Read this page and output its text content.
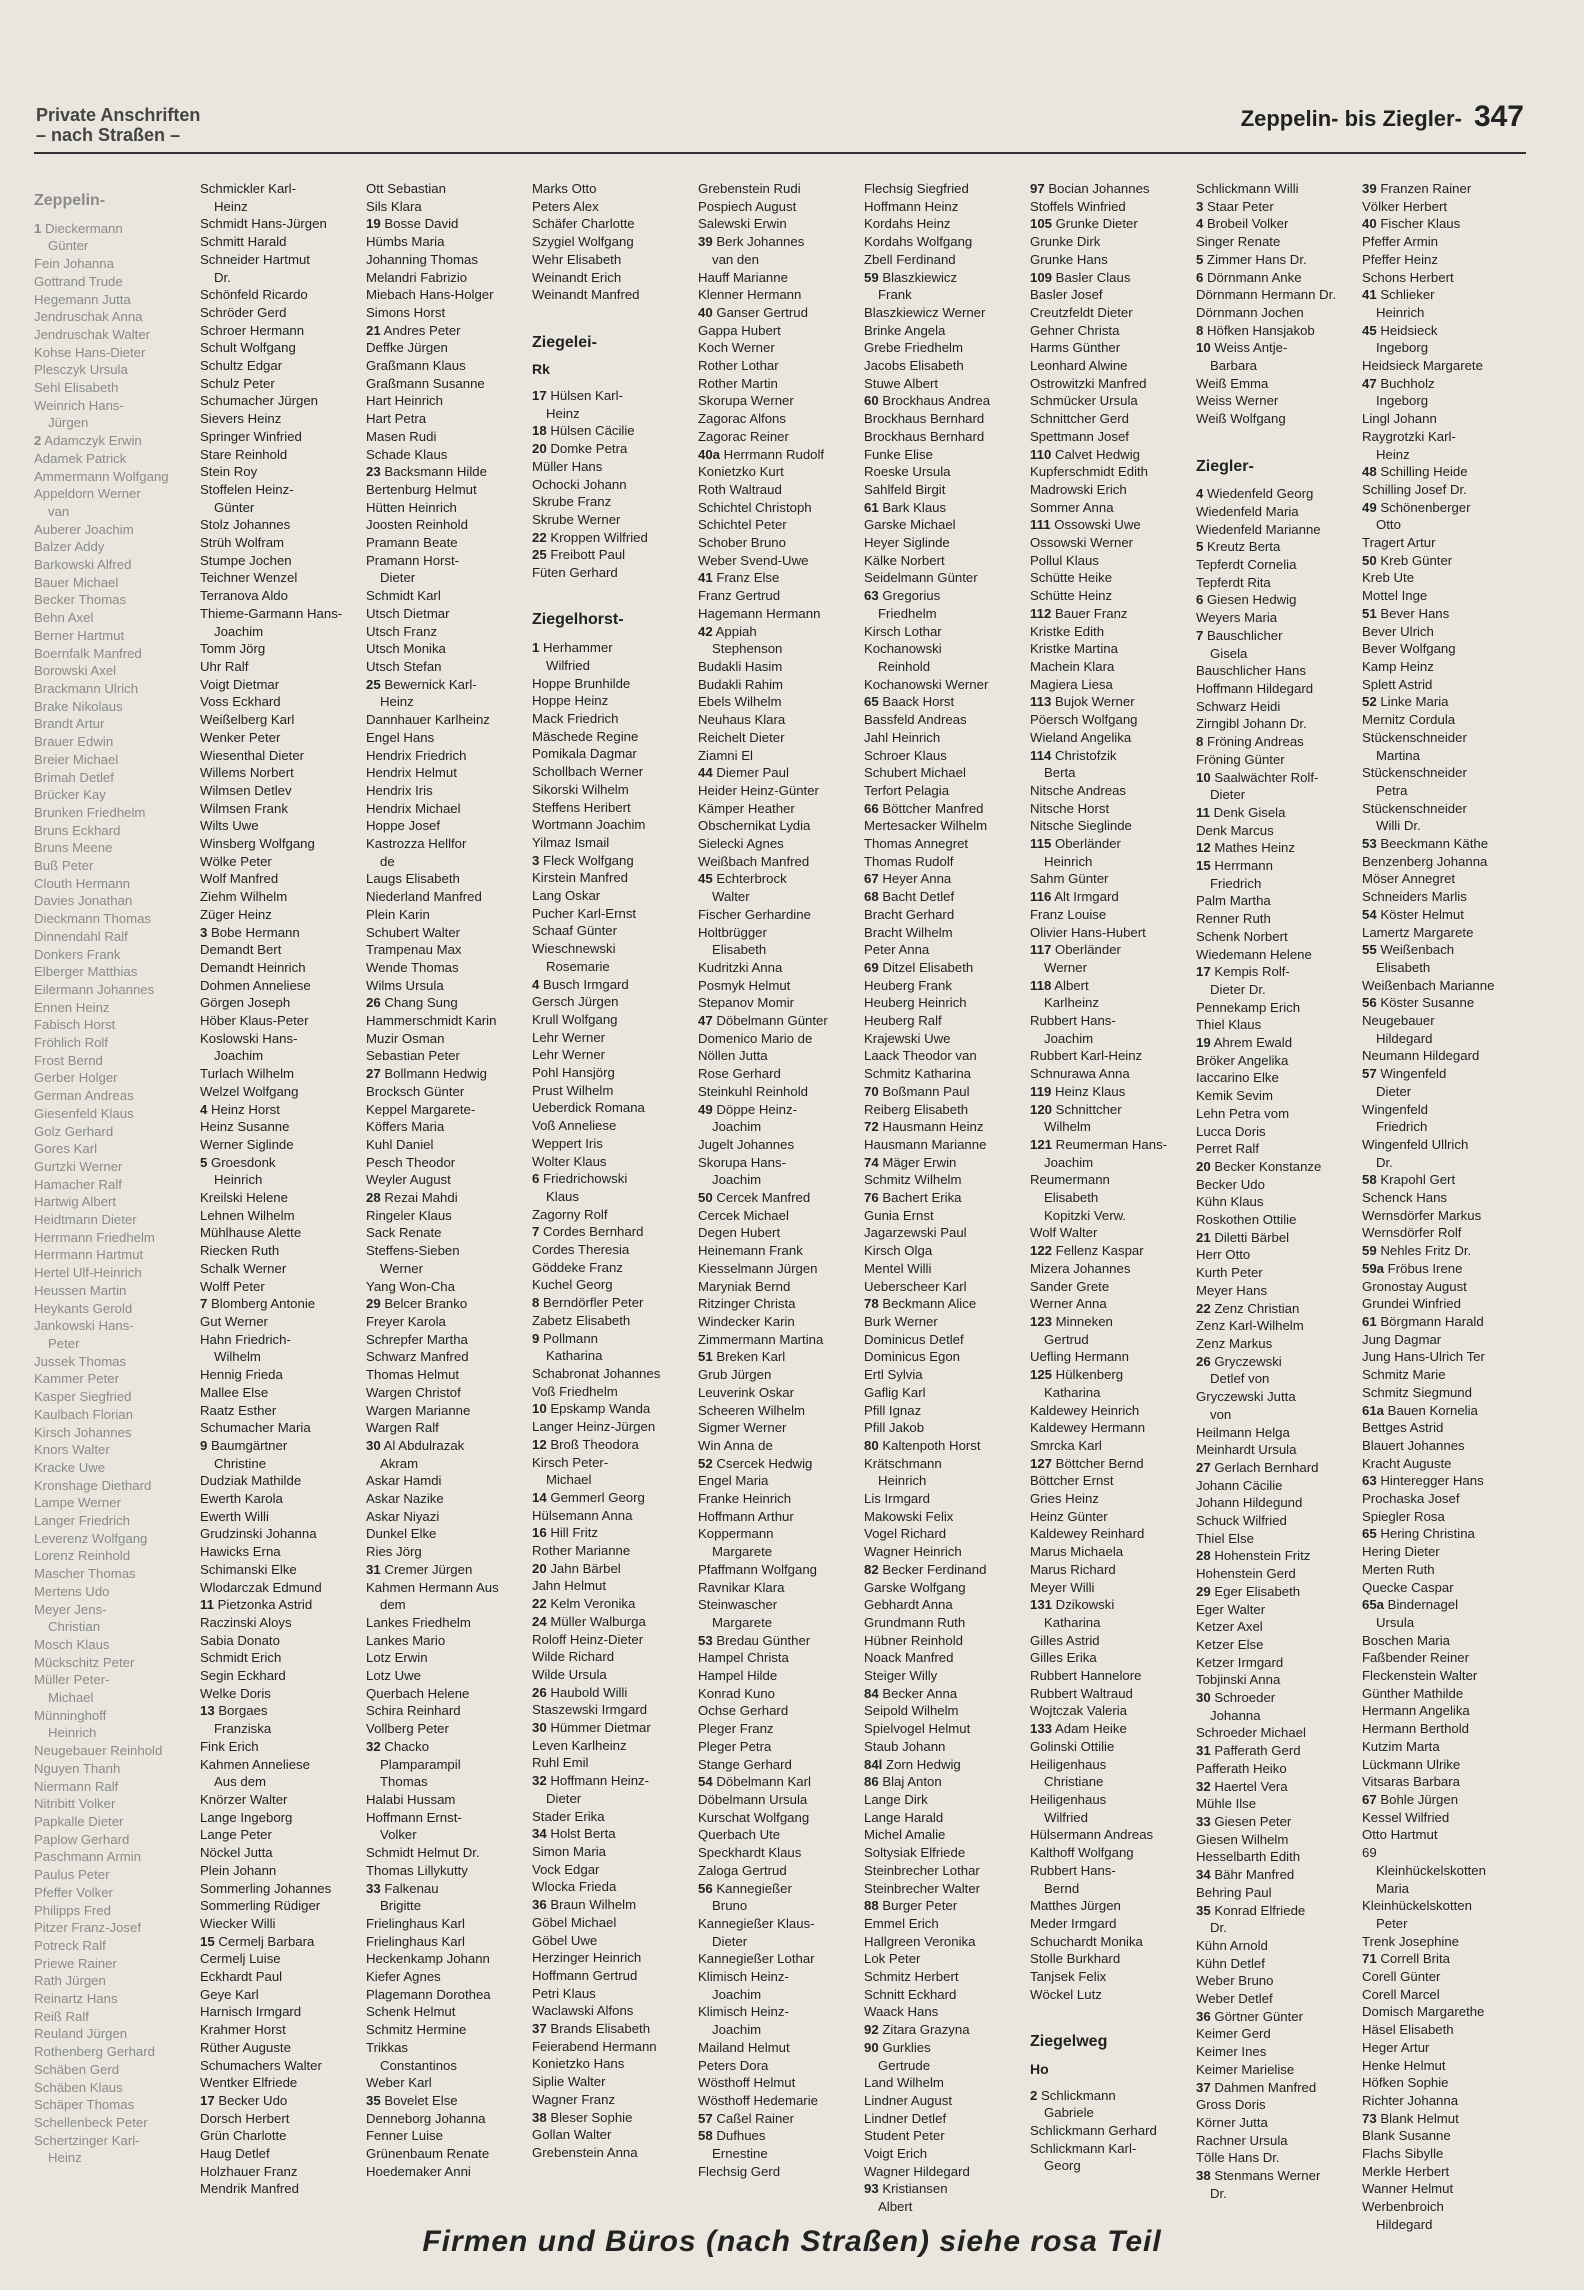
Private Anschriften
– nach Straßen –
Zeppelin- bis Ziegler- 347
Zeppelin-
1 Dieckermann
Günter
Fein Johanna
Gottrand Trude
Hegemann Jutta
Jendruschak Anna
Jendruschak Walter
Kohse Hans-Dieter
Plesczyk Ursula
Sehl Elisabeth
Weinrich Hans-
Jürgen
2 Adamczyk Erwin
Adamek Patrick
Ammermann Wolfgang
Appeldorn Werner
van
Auberer Joachim
Balzer Addy
Barkowski Alfred
Bauer Michael
Becker Thomas
Behn Axel
Berner Hartmut
Boernfalk Manfred
Borowski Axel
Brackmann Ulrich
Brake Nikolaus
Brandt Artur
Brauer Edwin
Breier Michael
Brimah Detlef
Brücker Kay
Brunken Friedhelm
Bruns Eckhard
Bruns Meene
Buß Peter
Clouth Hermann
Davies Jonathan
Dieckmann Thomas
Dinnendahl Ralf
Donkers Frank
Elberger Matthias
Eilermann Johannes
Ennen Heinz
Fabisch Horst
Fröhlich Rolf
Frost Bernd
Gerber Holger
German Andreas
Giesenfeld Klaus
Golz Gerhard
Gores Karl
Gurtzki Werner
Hamacher Ralf
Hartwig Albert
Heidtmann Dieter
Herrmann Friedhelm
Herrmann Hartmut
Hertel Ulf-Heinrich
Heussen Martin
Heykants Gerold
Jankowski Hans-
Peter
Jussek Thomas
Kammer Peter
Kasper Siegfried
Kaulbach Florian
Kirsch Johannes
Knors Walter
Kracke Uwe
Kronshage Diethard
Lampe Werner
Langer Friedrich
Leverenz Wolfgang
Lorenz Reinhold
Mascher Thomas
Mertens Udo
Meyer Jens-
Christian
Mosch Klaus
Mückschitz Peter
Müller Peter-
Michael
Münninghoff
Heinrich
Neugebauer Reinhold
Nguyen Thanh
Niermann Ralf
Nitribitt Volker
Papkalle Dieter
Paplow Gerhard
Paschmann Armin
Paulus Peter
Pfeffer Volker
Philipps Fred
Pitzer Franz-Josef
Potreck Ralf
Priewe Rainer
Rath Jürgen
Reinartz Hans
Reiß Ralf
Reuland Jürgen
Rothenberg Gerhard
Schäben Gerd
Schäben Klaus
Schäper Thomas
Schellenbeck Peter
Schertzinger Karl-
Heinz
Schmickler Karl-
Heinz
Schmidt Hans-Jürgen
Schmitt Harald
Schneider Hartmut
Dr.
Schönfeld Ricardo
Schröder Gerd
Schroer Hermann
Schult Wolfgang
Schultz Edgar
Schulz Peter
Schumacher Jürgen
Sievers Heinz
Springer Winfried
Stare Reinhold
Stein Roy
Stoffelen Heinz-
Günter
Stolz Johannes
Strüh Wolfram
Stumpe Jochen
Teichner Wenzel
Terranova Aldo
Thieme-Garmann Hans-
Joachim
Tomm Jörg
Uhr Ralf
Voigt Dietmar
Voss Eckhard
Weißelberg Karl
Wenker Peter
Wiesenthal Dieter
Willems Norbert
Wilmsen Detlev
Wilmsen Frank
Wilts Uwe
Winsberg Wolfgang
Wölke Peter
Wolf Manfred
Ziehm Wilhelm
Züger Heinz
3 Bobe Hermann
Demandt Bert
Demandt Heinrich
Dohmen Anneliese
Görgen Joseph
Höber Klaus-Peter
Koslowski Hans-
Joachim
Turlach Wilhelm
Welzel Wolfgang
4 Heinz Horst
Heinz Susanne
Werner Siglinde
5 Groesdonk
Heinrich
Kreilski Helene
Lehnen Wilhelm
Mühlhause Alette
Riecken Ruth
Schalk Werner
Wolff Peter
7 Blomberg Antonie
Gut Werner
Hahn Friedrich-
Wilhelm
Hennig Frieda
Mallee Else
Raatz Esther
Schumacher Maria
9 Baumgärtner
Christine
Dudziak Mathilde
Ewerth Karola
Ewerth Willi
Grudzinski Johanna
Hawicks Erna
Schimanski Elke
Wlodarczak Edmund
11 Pietzonka Astrid
Raczinski Aloys
Sabia Donato
Schmidt Erich
Segin Eckhard
Welke Doris
13 Borgaes
Franziska
Fink Erich
Kahmen Anneliese
Aus dem
Knörzer Walter
Lange Ingeborg
Lange Peter
Nöckel Jutta
Plein Johann
Sommerling Johannes
Sommerling Rüdiger
Wiecker Willi
15 Cermelj Barbara
Cermelj Luise
Eckhardt Paul
Geye Karl
Harnisch Irmgard
Krahmer Horst
Rüther Auguste
Schumachers Walter
Wentker Elfriede
17 Becker Udo
Dorsch Herbert
Grün Charlotte
Haug Detlef
Holzhauer Franz
Mendrik Manfred
Ott Sebastian
Sils Klara
19 Bosse David
Hümbs Maria
Johanning Thomas
Melandri Fabrizio
Miebach Hans-Holger
Simons Horst
21 Andres Peter
Deffke Jürgen
Graßmann Klaus
Graßmann Susanne
Hart Heinrich
Hart Petra
Masen Rudi
Schade Klaus
23 Backsmann Hilde
Bertenburg Helmut
Hütten Heinrich
Joosten Reinhold
Pramann Beate
Pramann Horst-
Dieter
Schmidt Karl
Utsch Dietmar
Utsch Franz
Utsch Monika
Utsch Stefan
25 Bewernick Karl-
Heinz
Dannhauer Karlheinz
Engel Hans
Hendrix Friedrich
Hendrix Helmut
Hendrix Iris
Hendrix Michael
Hoppe Josef
Kastrozza Hellfor
de
Laugs Elisabeth
Niederland Manfred
Plein Karin
Schubert Walter
Trampenau Max
Wende Thomas
Wilms Ursula
26 Chang Sung
Hammerschmidt Karin
Muzir Osman
Sebastian Peter
27 Bollmann Hedwig
Brocksch Günter
Keppel Margarete-
Köffers Maria
Kuhl Daniel
Pesch Theodor
Weyler August
28 Rezai Mahdi
Ringeler Klaus
Sack Renate
Steffens-Sieben
Werner
Yang Won-Cha
29 Belcer Branko
Freyer Karola
Schrepfer Martha
Schwarz Manfred
Thomas Helmut
Wargen Christof
Wargen Marianne
Wargen Ralf
30 Al Abdulrazak
Akram
Askar Hamdi
Askar Nazike
Askar Niyazi
Dunkel Elke
Ries Jörg
31 Cremer Jürgen
Kahmen Hermann Aus
dem
Lankes Friedhelm
Lankes Mario
Lotz Erwin
Lotz Uwe
Querbach Helene
Schira Reinhard
Vollberg Peter
32 Chacko
Plamparampil
Thomas
Halabi Hussam
Hoffmann Ernst-
Volker
Schmidt Helmut Dr.
Thomas Lillykutty
33 Falkenau
Brigitte
Frielinghaus Karl
Frielinghaus Karl
Heckenkamp Johann
Kiefer Agnes
Plagemann Dorothea
Schenk Helmut
Schmitz Hermine
Trikkas
Constantinos
Weber Karl
35 Bovelet Else
Denneborg Johanna
Fenner Luise
Grünenbaum Renate
Hoedemaker Anni
Marks Otto
Peters Alex
Schäfer Charlotte
Szygiel Wolfgang
Wehr Elisabeth
Weinandt Erich
Weinandt Manfred

Ziegelei-
Rk
17 Hülsen Karl-
Heinz
18 Hülsen Cäcilie
20 Domke Petra
Müller Hans
Ochocki Johann
Skrube Franz
Skrube Werner
22 Kroppen Wilfried
25 Freibott Paul
Füten Gerhard

Ziegelhorst-
1 Herhammer
Wilfried
Hoppe Brunhilde
Hoppe Heinz
Mack Friedrich
Mäschede Regine
Pomikala Dagmar
Schollbach Werner
Sikorski Wilhelm
Steffens Heribert
Wortmann Joachim
Yilmaz Ismail
3 Fleck Wolfgang
Kirstein Manfred
Lang Oskar
Pucher Karl-Ernst
Schaaf Günter
Wieschnewski
Rosemarie
4 Busch Irmgard
Gersch Jürgen
Krull Wolfgang
Lehr Werner
Lehr Werner
Pohl Hansjörg
Prust Wilhelm
Ueberdick Romana
Voß Anneliese
Weppert Iris
Wolter Klaus
6 Friedrichowski
Klaus
Zagorny Rolf
7 Cordes Bernhard
Cordes Theresia
Göddeke Franz
Kuchel Georg
8 Berndörfler Peter
Zabetz Elisabeth
9 Pollmann
Katharina
Schabronat Johannes
Voß Friedhelm
10 Epskamp Wanda
Langer Heinz-Jürgen
12 Broß Theodora
Kirsch Peter-
Michael
14 Gemmerl Georg
Hülsemann Anna
16 Hill Fritz
Rother Marianne
20 Jahn Bärbel
Jahn Helmut
22 Kelm Veronika
24 Müller Walburga
Roloff Heinz-Dieter
Wilde Richard
Wilde Ursula
26 Haubold Willi
Staszewski Irmgard
30 Hümmer Dietmar
Leven Karlheinz
Ruhl Emil
32 Hoffmann Heinz-
Dieter
Stader Erika
34 Holst Berta
Simon Maria
Vock Edgar
Wlocka Frieda
36 Braun Wilhelm
Göbel Michael
Göbel Uwe
Herzinger Heinrich
Hoffmann Gertrud
Petri Klaus
Waclawski Alfons
37 Brands Elisabeth
Feierabend Hermann
Konietzko Hans
Siplie Walter
Wagner Franz
38 Bleser Sophie
Gollan Walter
Grebenstein Anna
Grebenstein Rudi
Pospiech August
Salewski Erwin
39 Berk Johannes
van den
Hauff Marianne
Klenner Hermann
40 Ganser Gertrud
Gappa Hubert
Koch Werner
Rother Lothar
Rother Martin
Skorupa Werner
Zagorac Alfons
Zagorac Reiner
40a Herrmann Rudolf
Konietzko Kurt
Roth Waltraud
Schichtel Christoph
Schichtel Peter
Schober Bruno
Weber Svend-Uwe
41 Franz Else
Franz Gertrud
Hagemann Hermann
42 Appiah
Stephenson
Budakli Hasim
Budakli Rahim
Ebels Wilhelm
Neuhaus Klara
Reichelt Dieter
Ziamni El
44 Diemer Paul
Heider Heinz-Günter
Kämper Heather
Obschernikat Lydia
Sielecki Agnes
Weißbach Manfred
45 Echterbrock
Walter
Fischer Gerhardine
Holtbrügger
Elisabeth
Kudritzki Anna
Posmyk Helmut
Stepanov Momir
47 Döbelmann Günter
Domenico Mario de
Nöllen Jutta
Rose Gerhard
Steinkuhl Reinhold
49 Döppe Heinz-
Joachim
Jugelt Johannes
Skorupa Hans-
Joachim
50 Cercek Manfred
Cercek Michael
Degen Hubert
Heinemann Frank
Kiesselmann Jürgen
Maryniak Bernd
Ritzinger Christa
Windecker Karin
Zimmermann Martina
51 Breken Karl
Grub Jürgen
Leuverink Oskar
Scheeren Wilhelm
Sigmer Werner
Win Anna de
52 Csercek Hedwig
Engel Maria
Franke Heinrich
Hoffmann Arthur
Koppermann
Margarete
Pfaffmann Wolfgang
Ravnikar Klara
Steinwascher
Margarete
53 Bredau Günther
Hampel Christa
Hampel Hilde
Konrad Kuno
Ochse Gerhard
Pleger Franz
Pleger Petra
Stange Gerhard
54 Döbelmann Karl
Döbelmann Ursula
Kurschat Wolfgang
Querbach Ute
Speckhardt Klaus
Zaloga Gertrud
56 Kannegießer
Bruno
Kannegießer Klaus-
Dieter
Kannegießer Lothar
Klimisch Heinz-
Joachim
Klimisch Heinz-
Joachim
Mailand Helmut
Peters Dora
Wösthoff Helmut
Wösthoff Hedemarie
57 Caßel Rainer
58 Dufhues
Ernestine
Flechsig Gerd
Flechsig Siegfried
Hoffmann Heinz
Kordahs Heinz
Kordahs Wolfgang
Zbell Ferdinand
59 Blaszkiewicz
Frank
Blaszkiewicz Werner
Brinke Angela
Grebe Friedhelm
Jacobs Elisabeth
Stuwe Albert
60 Brockhaus Andrea
Brockhaus Bernhard
Brockhaus Bernhard
Funke Elise
Roeske Ursula
Sahlfeld Birgit
61 Bark Klaus
Garske Michael
Heyer Siglinde
Kälke Norbert
Seidelmann Günter
63 Gregorius
Friedhelm
Kirsch Lothar
Kochanowski
Reinhold
Kochanowski Werner
65 Baack Horst
Bassfeld Andreas
Jahl Heinrich
Schroer Klaus
Schubert Michael
Terfort Pelagia
66 Böttcher Manfred
Mertesacker Wilhelm
Thomas Annegret
Thomas Rudolf
67 Heyer Anna
68 Bacht Detlef
Bracht Gerhard
Bracht Wilhelm
Peter Anna
69 Ditzel Elisabeth
Heuberg Frank
Heuberg Heinrich
Heuberg Ralf
Krajewski Uwe
Laack Theodor van
Schmitz Katharina
70 Boßmann Paul
Reiberg Elisabeth
72 Hausmann Heinz
Hausmann Marianne
74 Mäger Erwin
Schmitz Wilhelm
76 Bachert Erika
Gunia Ernst
Jagarzewski Paul
Kirsch Olga
Mentel Willi
Ueberscheer Karl
78 Beckmann Alice
Burk Werner
Dominicus Detlef
Dominicus Egon
Ertl Sylvia
Gaflig Karl
Pfill Ignaz
Pfill Jakob
80 Kaltenpoth Horst
Krätschmann
Heinrich
Lis Irmgard
Makowski Felix
Vogel Richard
Wagner Heinrich
82 Becker Ferdinand
Garske Wolfgang
Gebhardt Anna
Grundmann Ruth
Hübner Reinhold
Noack Manfred
Steiger Willy
84 Becker Anna
Seipold Wilhelm
Spielvogel Helmut
Staub Johann
84l Zorn Hedwig
86 Blaj Anton
Lange Dirk
Lange Harald
Michel Amalie
Soltysiak Elfriede
Steinbrecher Lothar
Steinbrecher Walter
88 Burger Peter
Emmel Erich
Hallgreen Veronika
Lok Peter
Schmitz Herbert
Schnitt Eckhard
Waack Hans
92 Zitara Grazyna
90 Gurklies
Gertrude
Land Wilhelm
Lindner August
Lindner Detlef
Student Peter
Voigt Erich
Wagner Hildegard
93 Kristiansen
Albert
97 Bocian Johannes
Stoffels Winfried
105 Grunke Dieter
Grunke Dirk
Grunke Hans
109 Basler Claus
Basler Josef
Creutzfeldt Dieter
Gehner Christa
Harms Günther
Leonhard Alwine
Ostrowitzki Manfred
Schmücker Ursula
Schnittcher Gerd
Spettmann Josef
110 Calvet Hedwig
Kupferschmidt Edith
Madrowski Erich
Sommer Anna
111 Ossowski Uwe
Ossowski Werner
Pollul Klaus
Schütte Heike
Schütte Heinz
112 Bauer Franz
Kristke Edith
Kristke Martina
Machein Klara
Magiera Liesa
113 Bujok Werner
Pöersch Wolfgang
Wieland Angelika
114 Christofzik
Berta
Nitsche Andreas
Nitsche Horst
Nitsche Sieglinde
115 Oberländer
Heinrich
Sahm Günter
116 Alt Irmgard
Franz Louise
Olivier Hans-Hubert
117 Oberländer
Werner
118 Albert
Karlheinz
Rubbert Hans-
Joachim
Rubbert Karl-Heinz
Schnurawa Anna
119 Heinz Klaus
120 Schnittcher
Wilhelm
121 Reumerman Hans-
Joachim
Reumermann
Elisabeth
Kopitzki Verw.
Wolf Walter
122 Fellenz Kaspar
Mizera Johannes
Sander Grete
Werner Anna
123 Minneken
Gertrud
Uefling Hermann
125 Hülkenberg
Katharina
Kaldewey Heinrich
Kaldewey Hermann
Smrcka Karl
127 Böttcher Bernd
Böttcher Ernst
Gries Heinz
Heinz Günter
Kaldewey Reinhard
Marus Michaela
Marus Richard
Meyer Willi
131 Dzikowski
Katharina
Gilles Astrid
Gilles Erika
Rubbert Hannelore
Rubbert Waltraud
Wojtczak Valeria
133 Adam Heike
Golinski Ottilie
Heiligenhaus
Christiane
Heiligenhaus
Wilfried
Hülsermann Andreas
Kalthoff Wolfgang
Rubbert Hans-
Bernd
Matthes Jürgen
Meder Irmgard
Schuchardt Monika
Stolle Burkhard
Tanjsek Felix
Wöckel Lutz

Ziegelweg
Ho
2 Schlickmann
Gabriele
Schlickmann Gerhard
Schlickmann Karl-
Georg
Schlickmann Willi
3 Staar Peter
4 Brobeil Volker
Singer Renate
5 Zimmer Hans Dr.
6 Dörnmann Anke
Dörnmann Hermann Dr.
Dörnmann Jochen
8 Höfken Hansjakob
10 Weiss Antje-
Barbara
Weiß Emma
Weiss Werner
Weiß Wolfgang

Ziegler-
4 Wiedenfeld Georg
Wiedenfeld Maria
Wiedenfeld Marianne
5 Kreutz Berta
Tepferdt Cornelia
Tepferdt Rita
6 Giesen Hedwig
Weyers Maria
7 Bauschlicher
Gisela
Bauschlicher Hans
Hoffmann Hildegard
Schwarz Heidi
Zirngibl Johann Dr.
8 Fröning Andreas
Fröning Günter
10 Saalwächter Rolf-
Dieter
11 Denk Gisela
Denk Marcus
12 Mathes Heinz
15 Herrmann
Friedrich
Palm Martha
Renner Ruth
Schenk Norbert
Wiedemann Helene
17 Kempis Rolf-
Dieter Dr.
Pennekamp Erich
Thiel Klaus
19 Ahrem Ewald
Bröker Angelika
Iaccarino Elke
Kemik Sevim
Lehn Petra vom
Lucca Doris
Perret Ralf
20 Becker Konstanze
Becker Udo
Kühn Klaus
Roskothen Ottilie
21 Diletti Bärbel
Herr Otto
Kurth Peter
Meyer Hans
22 Zenz Christian
Zenz Karl-Wilhelm
Zenz Markus
26 Gryczewski
Detlef von
Gryczewski Jutta
von
Heilmann Helga
Meinhardt Ursula
27 Gerlach Bernhard
Johann Cäcilie
Johann Hildegund
Schuck Wilfried
Thiel Else
28 Hohenstein Fritz
Hohenstein Gerd
29 Eger Elisabeth
Eger Walter
Ketzer Axel
Ketzer Else
Ketzer Irmgard
Tobjinski Anna
30 Schroeder
Johanna
Schroeder Michael
31 Pafferath Gerd
Pafferath Heiko
32 Haertel Vera
Mühle Ilse
33 Giesen Peter
Giesen Wilhelm
Hesselbarth Edith
34 Bähr Manfred
Behring Paul
35 Konrad Elfriede
Dr.
Kühn Arnold
Kühn Detlef
Weber Bruno
Weber Detlef
36 Görtner Günter
Keimer Gerd
Keimer Ines
Keimer Marielise
37 Dahmen Manfred
Gross Doris
Körner Jutta
Rachner Ursula
Tölle Hans Dr.
38 Stenmans Werner
Dr.
39 Franzen Rainer
Völker Herbert
40 Fischer Klaus
Pfeffer Armin
Pfeffer Heinz
Schons Herbert
41 Schlieker
Heinrich
45 Heidsieck
Ingeborg
Heidsieck Margarete
47 Buchholz
Ingeborg
Lingl Johann
Raygrotzki Karl-
Heinz
48 Schilling Heide
Schilling Josef Dr.
49 Schönenberger
Otto
Tragert Artur
50 Kreb Günter
Kreb Ute
Mottel Inge
51 Bever Hans
Bever Ulrich
Bever Wolfgang
Kamp Heinz
Splett Astrid
52 Linke Maria
Mernitz Cordula
Stückenschneider
Martina
Stückenschneider
Petra
Stückenschneider
Willi Dr.
53 Beeckmann Käthe
Benzenberg Johanna
Möser Annegret
Schneiders Marlis
54 Köster Helmut
Lamertz Margarete
55 Weißenbach
Elisabeth
Weißenbach Marianne
56 Köster Susanne
Neugebauer
Hildegard
Neumann Hildegard
57 Wingenfeld
Dieter
Wingenfeld
Friedrich
Wingenfeld Ullrich
Dr.
58 Krapohl Gert
Schenck Hans
Wernsdörfer Markus
Wernsdörfer Rolf
59 Nehles Fritz Dr.
59a Fröbus Irene
Gronostay August
Grundei Winfried
61 Börgmann Harald
Jung Dagmar
Jung Hans-Ulrich Ter
Schmitz Marie
Schmitz Siegmund
61a Bauen Kornelia
Bettges Astrid
Blauert Johannes
Kracht Auguste
63 Hinteregger Hans
Prochaska Josef
Spiegler Rosa
65 Hering Christina
Hering Dieter
Merten Ruth
Quecke Caspar
65a Bindernagel
Ursula
Boschen Maria
Faßbender Reiner
Fleckenstein Walter
Günther Mathilde
Hermann Angelika
Hermann Berthold
Kutzim Marta
Lückmann Ulrike
Vitsaras Barbara
67 Bohle Jürgen
Kessel Wilfried
Otto Hartmut
69
Kleinhückelskotten
Maria
Kleinhückelskotten
Peter
Trenk Josephine
71 Correll Brita
Corell Günter
Corell Marcel
Domisch Margarethe
Häsel Elisabeth
Heger Artur
Henke Helmut
Höfken Sophie
Richter Johanna
73 Blank Helmut
Blank Susanne
Flachs Sibylle
Merkle Herbert
Wanner Helmut
Werbenbroich
Hildegard
Firmen und Büros (nach Straßen) siehe rosa Teil
